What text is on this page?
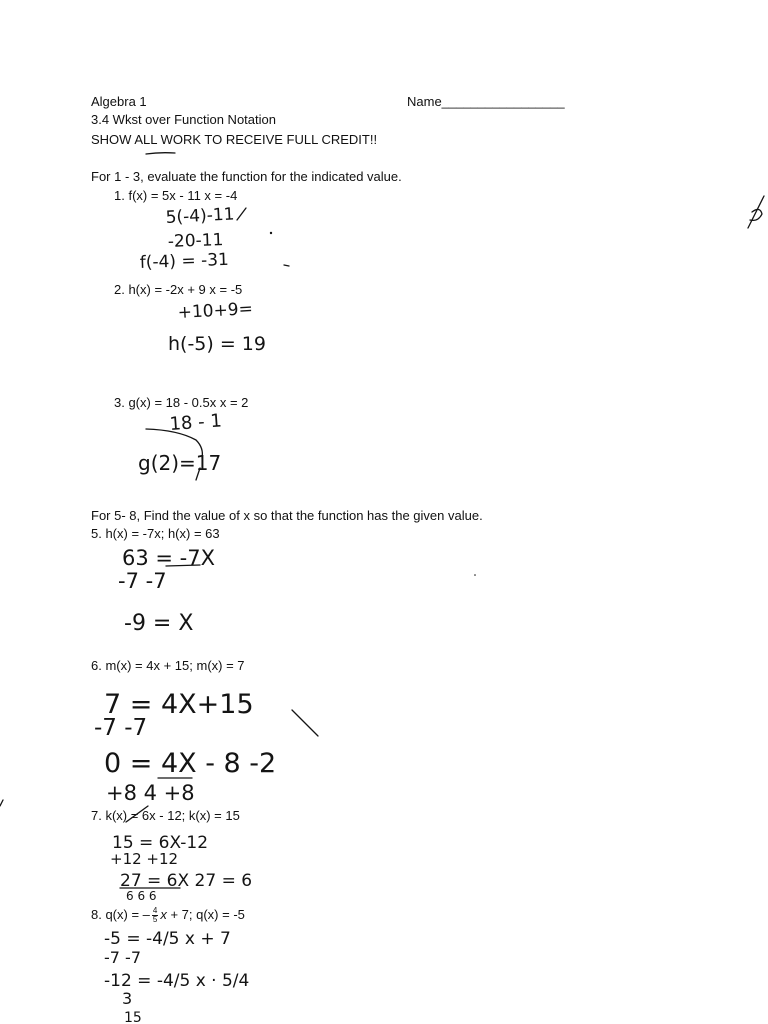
Algebra 1	Name_________________
3.4 Wkst over Function Notation
SHOW ALL WORK TO RECEIVE FULL CREDIT!!
For 1 - 3, evaluate the function for the indicated value.
1. f(x) = 5x - 11 x = -4
2. h(x) = -2x + 9 x = -5
3. g(x) = 18 - 0.5x x = 2
For 5- 8, Find the value of x so that the function has the given value.
5. h(x) = -7x; h(x) = 63
6. m(x) = 4x + 15; m(x) = 7
7. k(x) = 6x - 12; k(x) = 15
8. q(x) = – $\frac{4}{5}$ x + 7; q(x) = -5
5(-4)-11
-20-11
f(-4) = -31
+10+9=
h(-5) = 19
18 - 1
g(2)=17
63 = -7X
-7 -7
-9 = X
7 = 4X+15
-7 -7
0 = 4X - 8 -2
+8 4 +8
15 = 6X-12
+12 +12
27 = 6X 27 = 6
6 6 6
-5 = -4/5 x + 7
-7 -7
-12 = -4/5 x · 5/4
3
15
